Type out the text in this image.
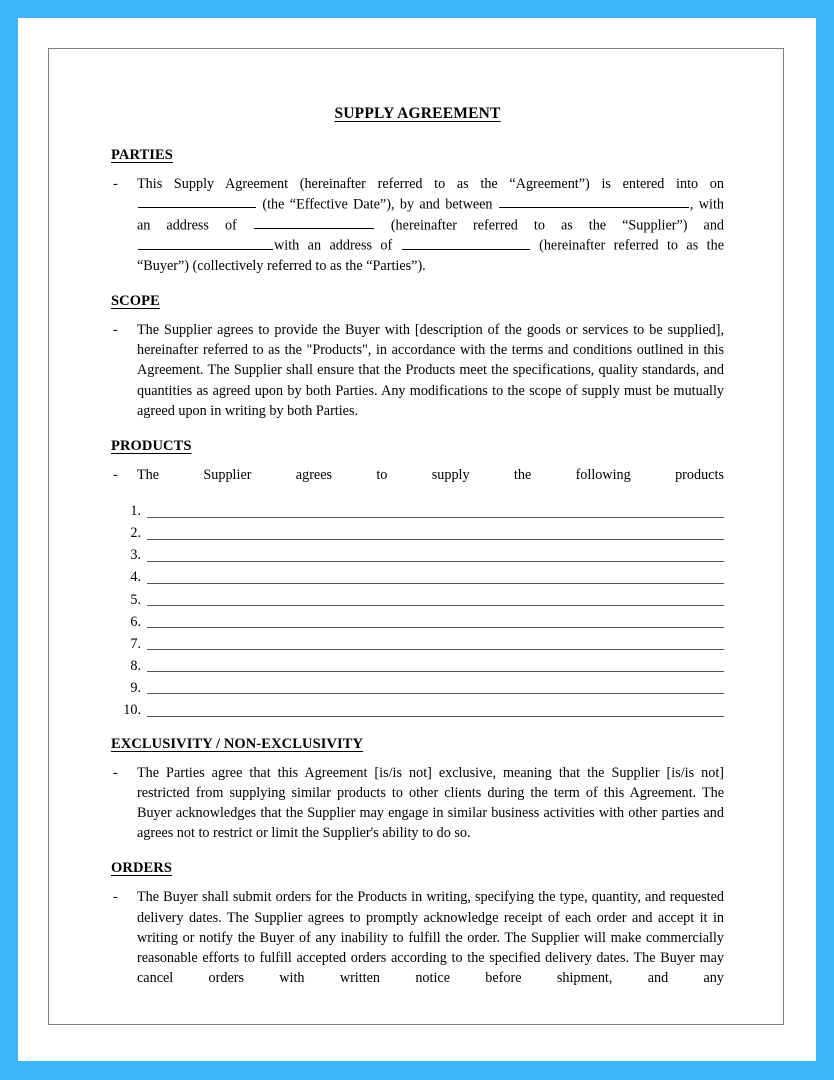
SUPPLY AGREEMENT
PARTIES
-	This Supply Agreement (hereinafter referred to as the “Agreement”) is entered into on  (the “Effective Date”), by and between	, with an address of	(hereinafter referred to as the “Supplier”) and with an address of	(hereinafter referred to as the “Buyer”) (collectively referred to as the “Parties”).
SCOPE
-	The Supplier agrees to provide the Buyer with [description of the goods or services to be supplied], hereinafter referred to as the "Products", in accordance with the terms and conditions outlined in this Agreement. The Supplier shall ensure that the Products meet the specifications, quality standards, and quantities as agreed upon by both Parties. Any modifications to the scope of supply must be mutually agreed upon in writing by both Parties.
PRODUCTS
-	The	Supplier	agrees	to	supply	the	following	products
1.
2.
3.
4.
5.
6.
7.
8.
9.
10.
EXCLUSIVITY / NON-EXCLUSIVITY
-	The Parties agree that this Agreement [is/is not] exclusive, meaning that the Supplier [is/is not] restricted from supplying similar products to other clients during the term of this Agreement. The Buyer acknowledges that the Supplier may engage in similar business activities with other parties and agrees not to restrict or limit the Supplier's ability to do so.
ORDERS
-	The Buyer shall submit orders for the Products in writing, specifying the type, quantity, and requested delivery dates. The Supplier agrees to promptly acknowledge receipt of each order and accept it in writing or notify the Buyer of any inability to fulfill the order. The Supplier will make commercially reasonable efforts to fulfill accepted orders according to the specified delivery dates. The Buyer may cancel orders with written notice before shipment, and any
